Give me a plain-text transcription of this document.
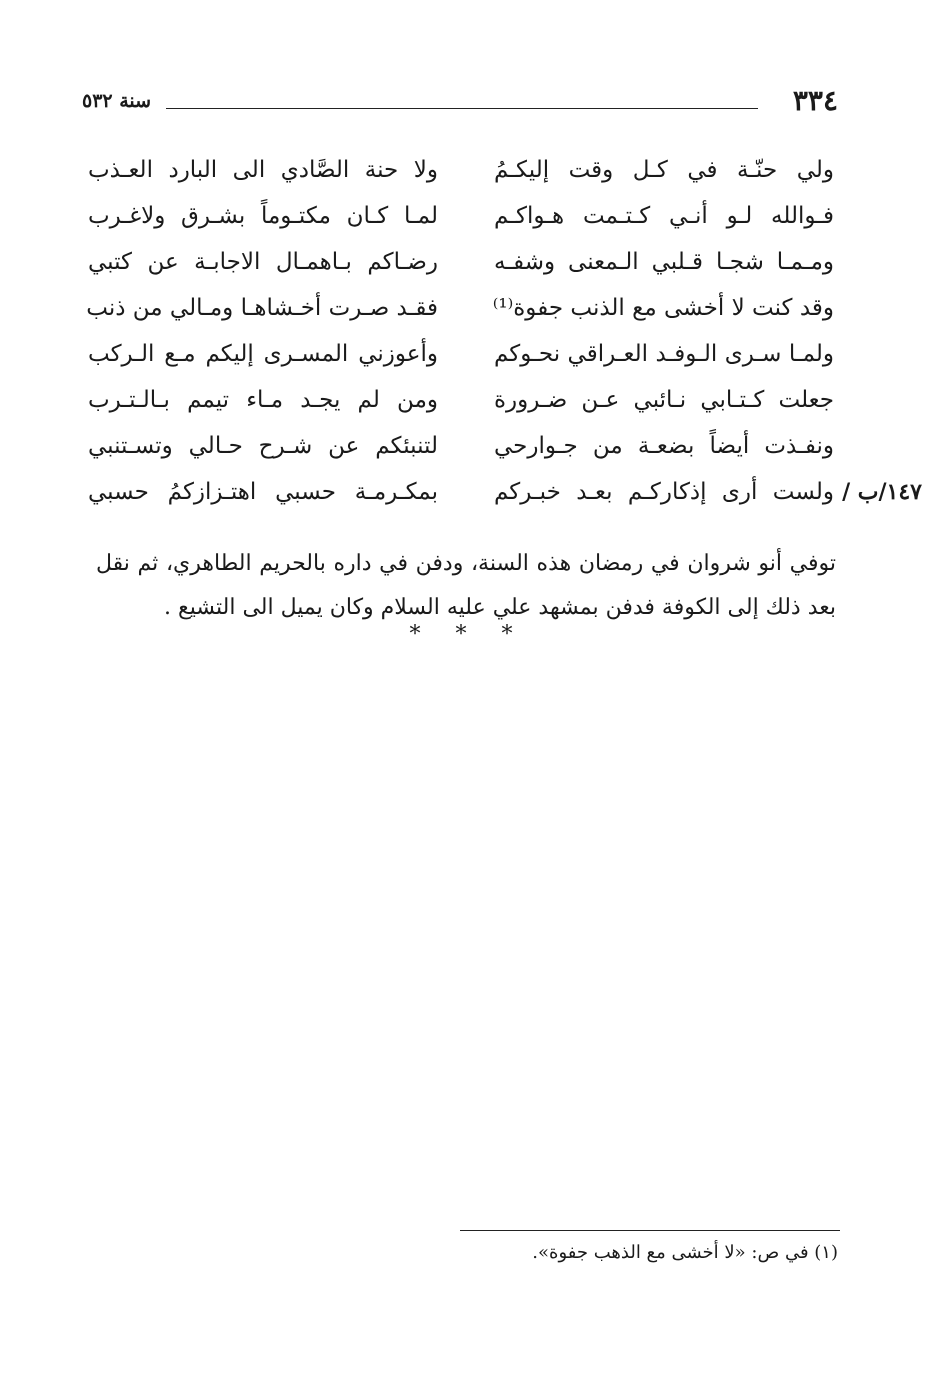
٣٣٤
سنة ٥٣٢
ولي حنّـة في كـل وقت إليكـمُ
ولا حنة الصَّادي الى البارد العـذب
فـوالله لـو أنـي كـتـمت هـواكـم
لمـا كـان مكتـوماً بشـرق ولاغـرب
ومـمـا شجـا قـلبي الـمعنى وشفـه
رضـاكم بـاهمـال الاجابـة عن كتبي
وقد كنت لا أخشى مع الذنب جفوة⁽¹⁾
فقـد صـرت أخـشاهـا ومـالي من ذنب
ولمـا سـرى الـوفـد العـراقي نحـوكم
وأعوزني المسـرى إليكم مـع الـركب
جعلت كـتـابي نـائبي عـن ضـرورة
ومن لم يجـد مـاء تيمم بـالـتـرب
ونفـذت أيضاً بضعـة من جـوارحي
لتنبئكم عن شـرح حـالي وتسـتنبي
١٤٧/ب /
ولست أرى إذكاركـم بعـد خبـركم
بمكـرمـة حسبي اهتـزازكمُ حسبي

توفي أنو شروان في رمضان هذه السنة، ودفن في داره بالحريم الطاهري، ثم نقل بعد ذلك إلى الكوفة فدفن بمشهد علي عليه السلام وكان يميل الى التشيع .

* * *
(١) في ص: «لا أخشى مع الذهب جفوة».
